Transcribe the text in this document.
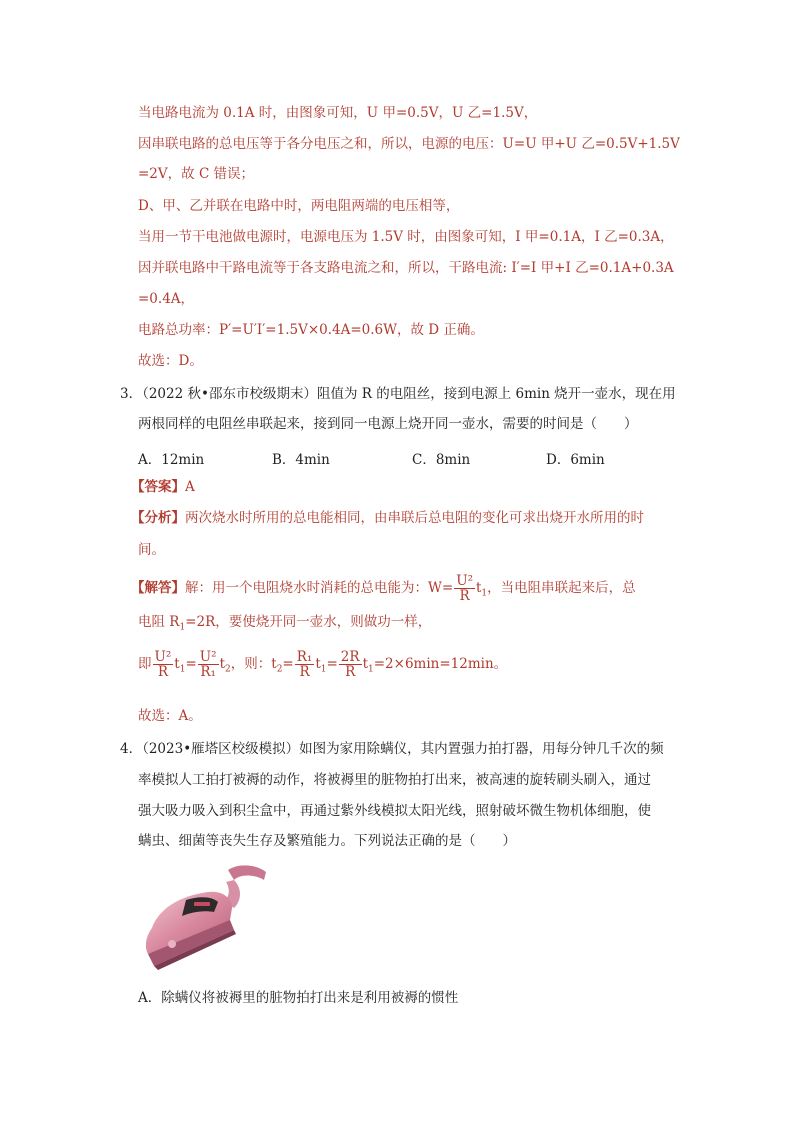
当电路电流为 0.1A 时，由图象可知，U 甲=0.5V，U 乙=1.5V，
因串联电路的总电压等于各分电压之和，所以，电源的电压：U=U 甲+U 乙=0.5V+1.5V
=2V，故 C 错误；
D、甲、乙并联在电路中时，两电阻两端的电压相等，
当用一节干电池做电源时，电源电压为 1.5V 时，由图象可知，I 甲=0.1A，I 乙=0.3A，
因并联电路中干路电流等于各支路电流之和，所以，干路电流: I′=I 甲+I 乙=0.1A+0.3A
=0.4A，
电路总功率：P′=U′I′=1.5V×0.4A=0.6W，故 D 正确。
故选：D。
3．（2022 秋•邵东市校级期末）阻值为 R 的电阻丝，接到电源上 6min 烧开一壶水，现在用
两根同样的电阻丝串联起来，接到同一电源上烧开同一壶水，需要的时间是（　　）
A．12min	B．4min	C．8min	D．6min
【答案】A
【分析】两次烧水时所用的总电能相同，由串联后总电阻的变化可求出烧开水所用的时
间。
【解答】解：用一个电阻烧水时消耗的总电能为：$W= \frac{\text{U²}}{R} t_1$，当电阻串联起来后，总
电阻 $R_1=2R$，要使烧开同一壶水，则做功一样，
即 $\frac{\text{U²}}{R} t_1= \frac{\text{U²}}{\text{R₁}} t_2$，则：$t_2= \frac{\text{R₁}}{R} t_1= \frac{2R}{R} t_1=2\times 6\min=12\min$。
故选：A。
4．（2023•雁塔区校级模拟）如图为家用除螨仪，其内置强力拍打器，用每分钟几千次的频
率模拟人工拍打被褥的动作，将被褥里的脏物拍打出来，被高速的旋转刷头刷入，通过
强大吸力吸入到积尘盒中，再通过紫外线模拟太阳光线，照射破坏微生物机体细胞，使
螨虫、细菌等丧失生存及繁殖能力。下列说法正确的是（　　）
A．除螨仪将被褥里的脏物拍打出来是利用被褥的惯性
